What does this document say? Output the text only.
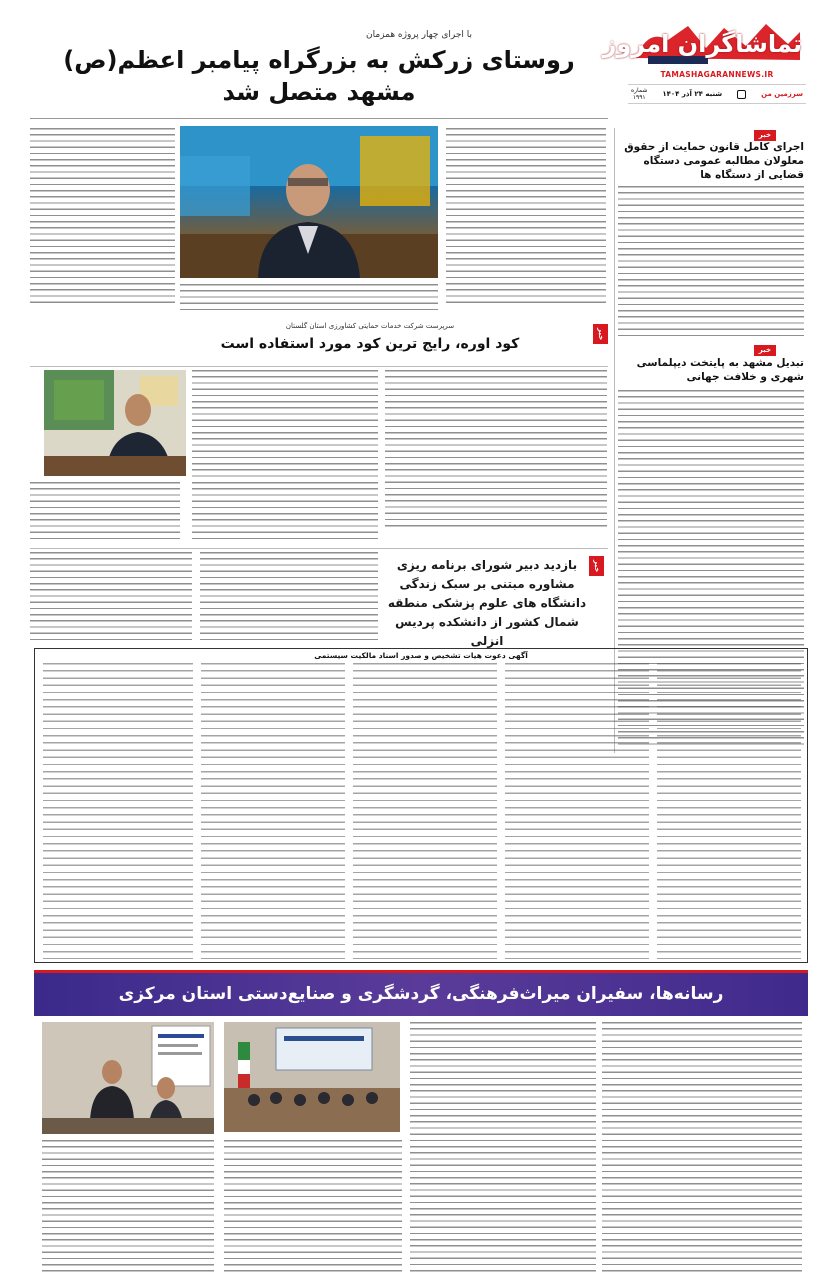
تماشاگران امروز
TAMASHAGARANNEWS.IR
سرزمین من
شنبه ۲۴ آذر ۱۴۰۴
شماره
۱۹۹۱
با اجرای چهار پروژه همزمان
روستای زرکش به بزرگراه پیامبر اعظم(ص) مشهد متصل شد
خبر
اجرای کامل قانون حمایت از حقوق معلولان مطالبه عمومی دستگاه قضایی از دستگاه ها
خبر
تبدیل مشهد به پایتخت دیپلماسی شهری و خلافت جهانی
خبر
سرپرست شرکت خدمات حمایتی کشاورزی استان گلستان
کود اوره، رایج ترین کود مورد استفاده است
خبر
بازدید دبیر شورای برنامه ریزی مشاوره مبتنی بر سبک زندگی دانشگاه های علوم پزشکی منطقه شمال کشور از دانشکده پردیس انزلی
آگهی دعوت هیات تشخیص و صدور اسناد مالکیت سیستمی
رسانه‌ها، سفیران میراث‌فرهنگی، گردشگری و صنایع‌دستی استان مرکزی
